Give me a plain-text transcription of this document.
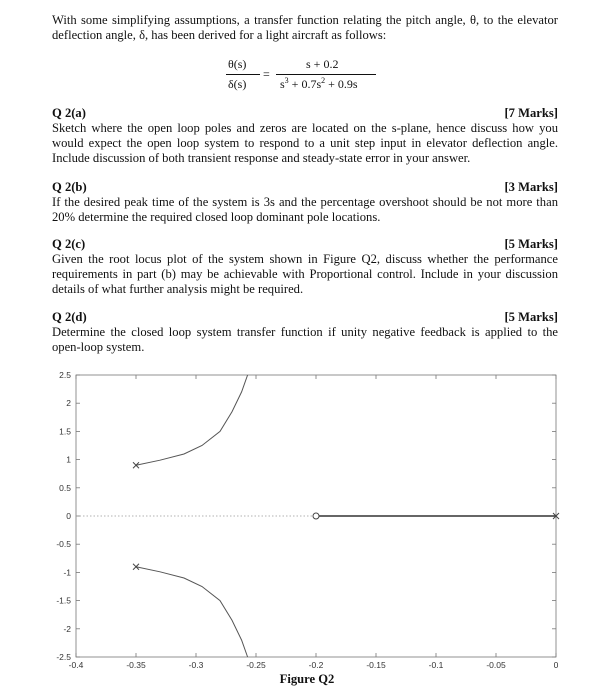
With some simplifying assumptions, a transfer function relating the pitch angle, θ, to the elevator deflection angle, δ, has been derived for a light aircraft as follows:
θ(s)
δ(s)
=
s + 0.2
$s^3 + 0.7s^2 + 0.9s$
Q 2(a)	[7 Marks]
Sketch where the open loop poles and zeros are located on the s-plane, hence discuss how you would expect the open loop system to respond to a unit step input in elevator deflection angle. Include discussion of both transient response and steady-state error in your answer.
Q 2(b)	[3 Marks]
If the desired peak time of the system is 3s and the percentage overshoot should be not more than 20% determine the required closed loop dominant pole locations.
Q 2(c)	[5 Marks]
Given the root locus plot of the system shown in Figure Q2, discuss whether the performance requirements in part (b) may be achievable with Proportional control. Include in your discussion details of what further analysis might be required.
Q 2(d)	[5 Marks]
Determine the closed loop system transfer function if unity negative feedback is applied to the open-loop system.
-0.4	-0.35	-0.3	-0.25	-0.2	-0.15	-0.1	-0.05	0
2.5
2
1.5
1
0.5
0
-0.5
-1
-1.5
-2
-2.5
Figure Q2
